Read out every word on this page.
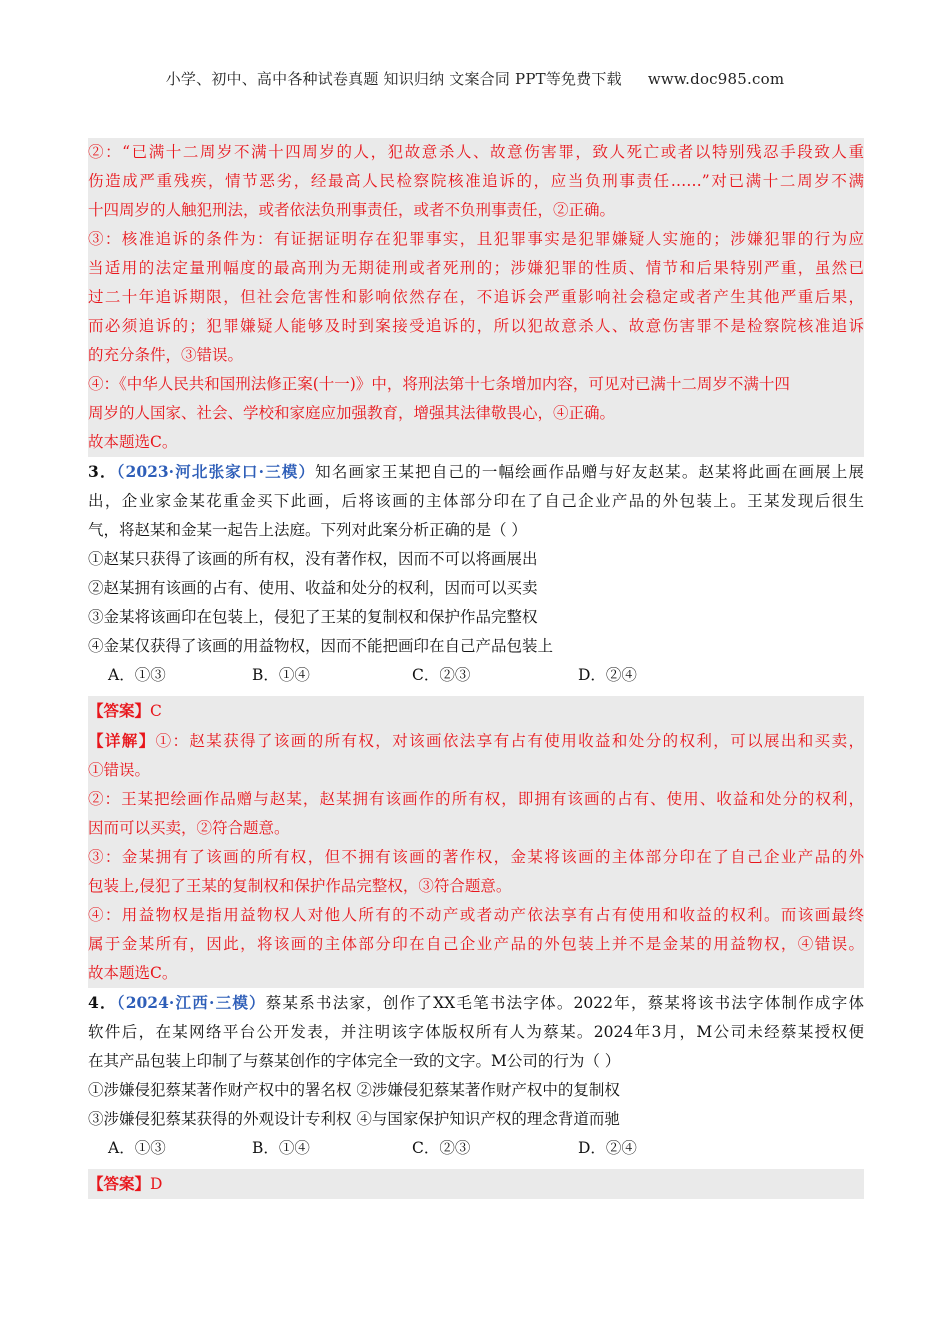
小学、初中、高中各种试卷真题 知识归纳 文案合同 PPT等免费下载 www.doc985.com
②：“已满十二周岁不满十四周岁的人，犯故意杀人、故意伤害罪，致人死亡或者以特别残忍手段致人重
伤造成严重残疾，情节恶劣，经最高人民检察院核准追诉的，应当负刑事责任……”对已满十二周岁不满
十四周岁的人触犯刑法，或者依法负刑事责任，或者不负刑事责任，②正确。
③：核准追诉的条件为：有证据证明存在犯罪事实，且犯罪事实是犯罪嫌疑人实施的；涉嫌犯罪的行为应
当适用的法定量刑幅度的最高刑为无期徒刑或者死刑的；涉嫌犯罪的性质、情节和后果特别严重，虽然已
过二十年追诉期限，但社会危害性和影响依然存在，不追诉会严重影响社会稳定或者产生其他严重后果，
而必须追诉的；犯罪嫌疑人能够及时到案接受追诉的，所以犯故意杀人、故意伤害罪不是检察院核准追诉
的充分条件，③错误。
④：《中华人民共和国刑法修正案(十一)》中，将刑法第十七条增加内容，可见对已满十二周岁不满十四
周岁的人国家、社会、学校和家庭应加强教育，增强其法律敬畏心，④正确。
故本题选C。
3．（2023·河北张家口·三模）知名画家王某把自己的一幅绘画作品赠与好友赵某。赵某将此画在画展上展
出，企业家金某花重金买下此画，后将该画的主体部分印在了自己企业产品的外包装上。王某发现后很生
气，将赵某和金某一起告上法庭。下列对此案分析正确的是（ ）
①赵某只获得了该画的所有权，没有著作权，因而不可以将画展出
②赵某拥有该画的占有、使用、收益和处分的权利，因而可以买卖
③金某将该画印在包装上，侵犯了王某的复制权和保护作品完整权
④金某仅获得了该画的用益物权，因而不能把画印在自己产品包装上
A．①③	B．①④	C．②③	D．②④
【答案】C
【详解】①：赵某获得了该画的所有权，对该画依法享有占有使用收益和处分的权利，可以展出和买卖，
①错误。
②：王某把绘画作品赠与赵某，赵某拥有该画作的所有权，即拥有该画的占有、使用、收益和处分的权利，
因而可以买卖，②符合题意。
③：金某拥有了该画的所有权，但不拥有该画的著作权，金某将该画的主体部分印在了自己企业产品的外
包装上,侵犯了王某的复制权和保护作品完整权，③符合题意。
④：用益物权是指用益物权人对他人所有的不动产或者动产依法享有占有使用和收益的权利。而该画最终
属于金某所有，因此，将该画的主体部分印在自己企业产品的外包装上并不是金某的用益物权，④错误。
故本题选C。
4．（2024·江西·三模）蔡某系书法家，创作了XX毛笔书法字体。2022年，蔡某将该书法字体制作成字体
软件后，在某网络平台公开发表，并注明该字体版权所有人为蔡某。2024年3月，M公司未经蔡某授权便
在其产品包装上印制了与蔡某创作的字体完全一致的文字。M公司的行为（ ）
①涉嫌侵犯蔡某著作财产权中的署名权 ②涉嫌侵犯蔡某著作财产权中的复制权
③涉嫌侵犯蔡某获得的外观设计专利权 ④与国家保护知识产权的理念背道而驰
A．①③	B．①④	C．②③	D．②④
【答案】D
